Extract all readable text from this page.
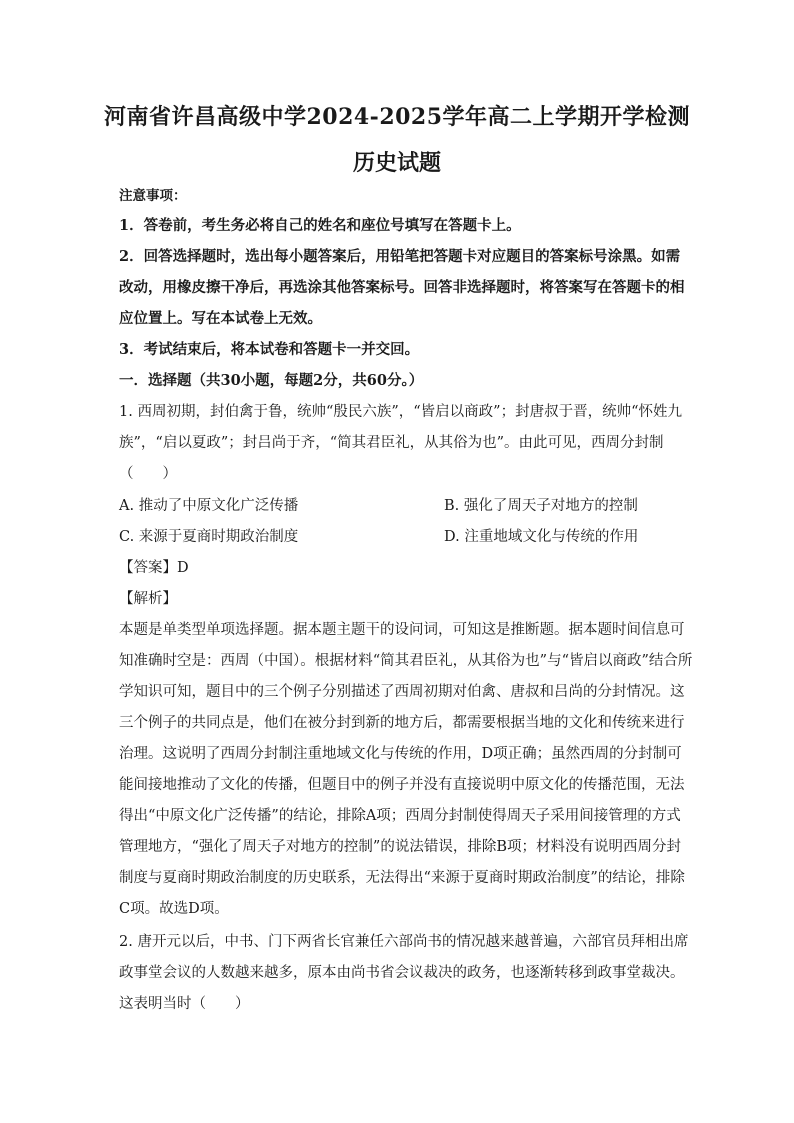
河南省许昌高级中学2024-2025学年高二上学期开学检测
历史试题
注意事项：
1．答卷前，考生务必将自己的姓名和座位号填写在答题卡上。
2．回答选择题时，选出每小题答案后，用铅笔把答题卡对应题目的答案标号涂黑。如需
改动，用橡皮擦干净后，再选涂其他答案标号。回答非选择题时，将答案写在答题卡的相
应位置上。写在本试卷上无效。
3．考试结束后，将本试卷和答题卡一并交回。
一．选择题（共30小题，每题2分，共60分。）
1. 西周初期，封伯禽于鲁，统帅“殷民六族”，“皆启以商政”；封唐叔于晋，统帅“怀姓九
族”，“启以夏政”；封吕尚于齐，“简其君臣礼，从其俗为也”。由此可见，西周分封制
（　　）
A. 推动了中原文化广泛传播	B. 强化了周天子对地方的控制
C. 来源于夏商时期政治制度	D. 注重地域文化与传统的作用
【答案】D
【解析】
本题是单类型单项选择题。据本题主题干的设问词，可知这是推断题。据本题时间信息可
知准确时空是：西周（中国）。根据材料“简其君臣礼，从其俗为也”与“皆启以商政”结合所
学知识可知，题目中的三个例子分别描述了西周初期对伯禽、唐叔和吕尚的分封情况。这
三个例子的共同点是，他们在被分封到新的地方后，都需要根据当地的文化和传统来进行
治理。这说明了西周分封制注重地域文化与传统的作用，D项正确；虽然西周的分封制可
能间接地推动了文化的传播，但题目中的例子并没有直接说明中原文化的传播范围，无法
得出“中原文化广泛传播”的结论，排除A项；西周分封制使得周天子采用间接管理的方式
管理地方，“强化了周天子对地方的控制”的说法错误，排除B项；材料没有说明西周分封
制度与夏商时期政治制度的历史联系，无法得出“来源于夏商时期政治制度”的结论，排除
C项。故选D项。
2. 唐开元以后，中书、门下两省长官兼任六部尚书的情况越来越普遍，六部官员拜相出席
政事堂会议的人数越来越多，原本由尚书省会议裁决的政务，也逐渐转移到政事堂裁决。
这表明当时（　　）
